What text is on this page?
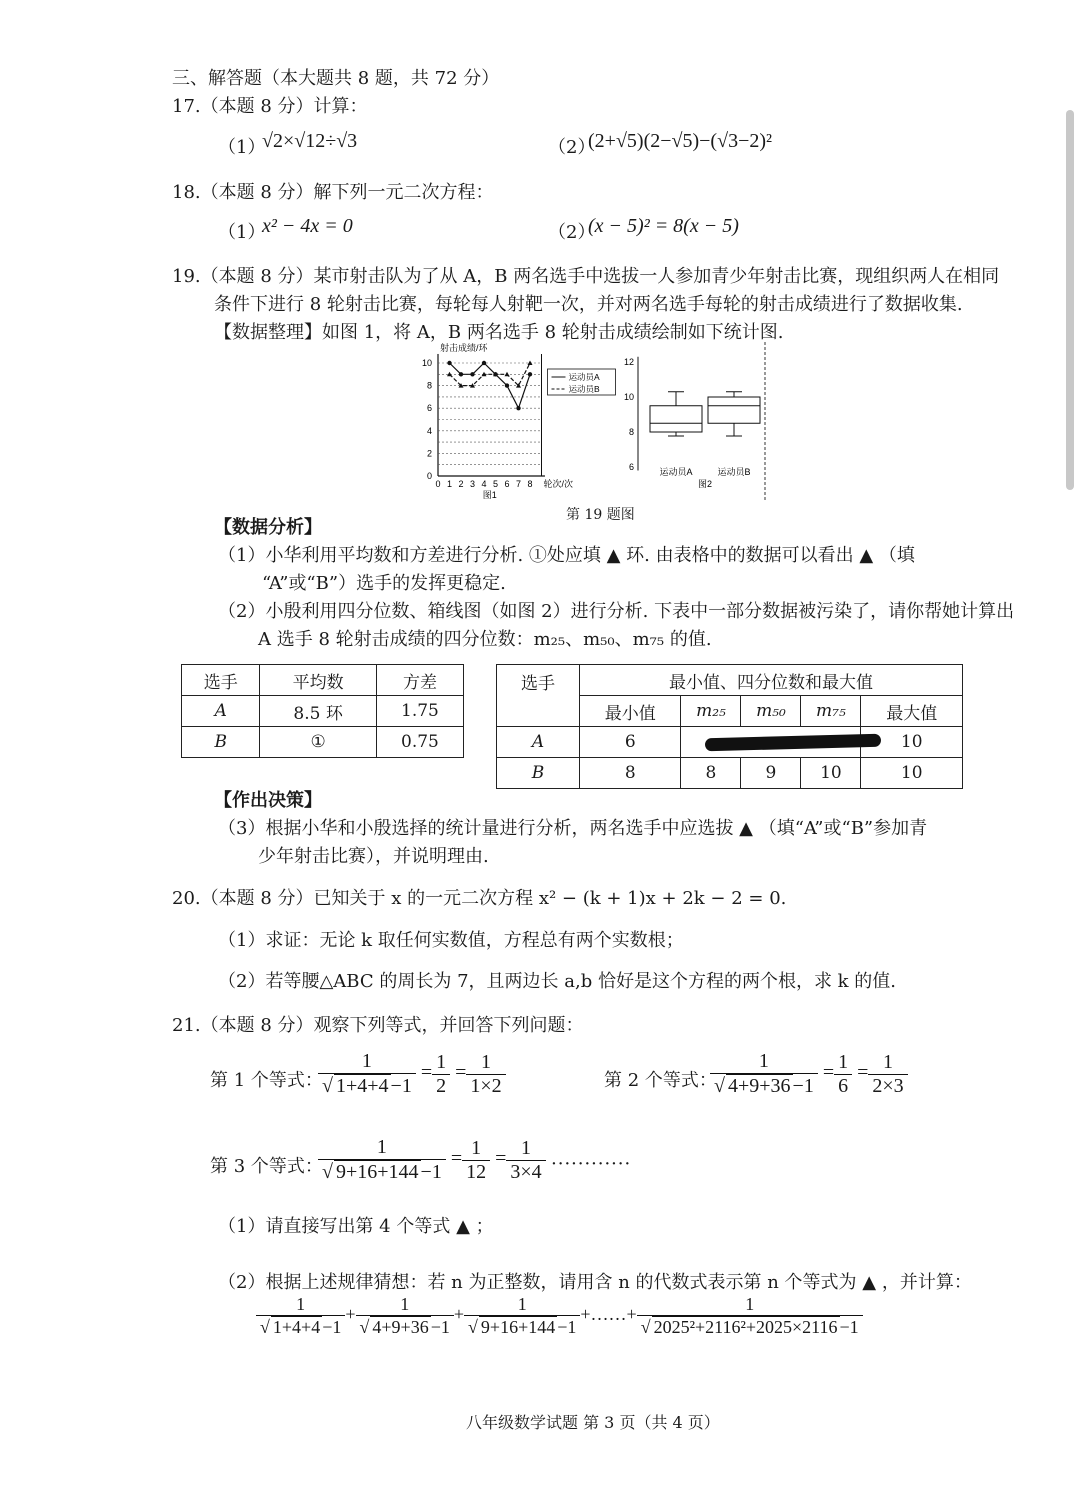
三、解答题（本大题共 8 题，共 72 分）
17.（本题 8 分）计算：
（1）
√2×√12÷√3	（2）
(2+√5)(2−√5)−(√3−2)²
18.（本题 8 分）解下列一元二次方程：
（1）
x² − 4x = 0	（2）
(x − 5)² = 8(x − 5)
19.（本题 8 分）某市射击队为了从 A，B 两名选手中选拔一人参加青少年射击比赛，现组织两人在相同
条件下进行 8 轮射击比赛，每轮每人射靶一次，并对两名选手每轮的射击成绩进行了数据收集.
【数据整理】如图 1，将 A，B 两名选手 8 轮射击成绩绘制如下统计图.
0
2
4
6
8
10
0 1 2 3 4 5 6 7 8
射击成绩/环
轮次/次
图1
运动员A
运动员B
6
8
10
12
运动员A	运动员B
图2
第 19 题图
【数据分析】
（1）小华利用平均数和方差进行分析. ①处应填 ▲ 环. 由表格中的数据可以看出 ▲ （填
“A”或“B”）选手的发挥更稳定.
（2）小殷利用四分位数、箱线图（如图 2）进行分析. 下表中一部分数据被污染了，请你帮她计算出
A 选手 8 轮射击成绩的四分位数：m₂₅、m₅₀、m₇₅ 的值.
选手	平均数	方差
A	8.5 环	1.75
B	①	0.75
选手	最小值、四分位数和最大值				
	最小值	m₂₅	m₅₀	m₇₅	最大值
A	6				10
B	8	8	9	10	10
【作出决策】
（3）根据小华和小殷选择的统计量进行分析，两名选手中应选拔 ▲ （填“A”或“B”参加青
少年射击比赛），并说明理由.
20.（本题 8 分）已知关于 x 的一元二次方程 x² − (k + 1)x + 2k − 2 = 0.
（1）求证：无论 k 取任何实数值，方程总有两个实数根；
（2）若等腰△ABC 的周长为 7，且两边长 a,b 恰好是这个方程的两个根，求 k 的值.
21.（本题 8 分）观察下列等式，并回答下列问题：
第 1 个等式：
$\frac{1}{√ 1+4+4 -1} = \frac{1}{2} = \frac{1}{1\times 2}$	第 2 个等式：
$\frac{1}{√ 4+9+36 -1} = \frac{1}{6} = \frac{1}{2\times 3}$
第 3 个等式：
$\frac{1}{√ 9+16+144 -1} = \frac{1}{12} = \frac{1}{3\times 4}$ …………
（1）请直接写出第 4 个等式 ▲ ；
（2）根据上述规律猜想：若 n 为正整数，请用含 n 的代数式表示第 n 个等式为 ▲ ，并计算：
$\frac{1}{√ 1+4+4 -1} + \frac{1}{√ 4+9+36 -1} + \frac{1}{√ 9+16+144 -1}$ +……+ $\frac{1}{\text{√ 2025²+2116²+2025×2116 −1}}$
八年级数学试题 第 3 页（共 4 页）
